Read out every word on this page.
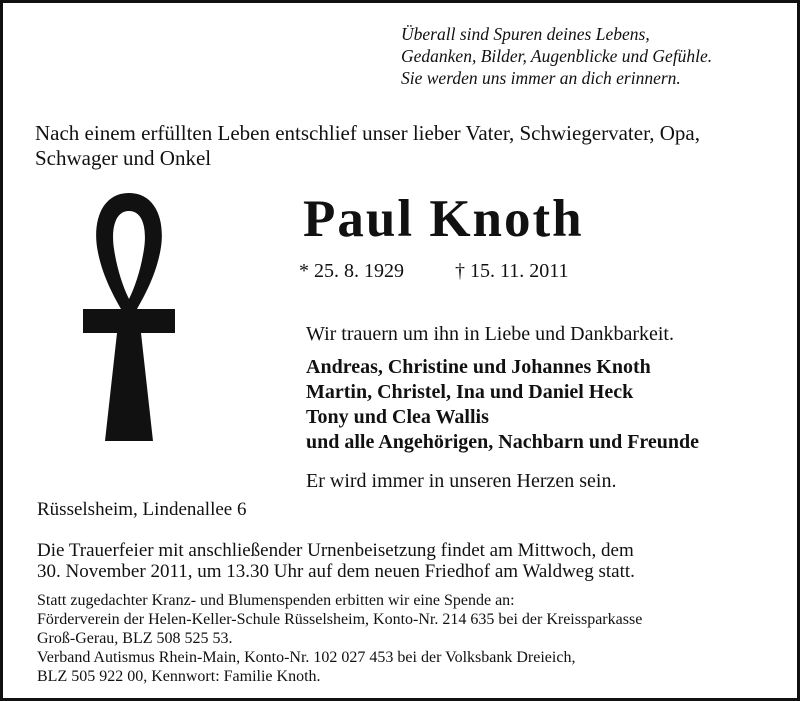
Überall sind Spuren deines Lebens,
Gedanken, Bilder, Augenblicke und Gefühle.
Sie werden uns immer an dich erinnern.
Nach einem erfüllten Leben entschlief unser lieber Vater, Schwiegervater, Opa,
Schwager und Onkel
Paul Knoth
* 25. 8. 1929	† 15. 11. 2011
Wir trauern um ihn in Liebe und Dankbarkeit.
Andreas, Christine und Johannes Knoth
Martin, Christel, Ina und Daniel Heck
Tony und Clea Wallis
und alle Angehörigen, Nachbarn und Freunde
Er wird immer in unseren Herzen sein.
Rüsselsheim, Lindenallee 6
Die Trauerfeier mit anschließender Urnenbeisetzung findet am Mittwoch, dem
30. November 2011, um 13.30 Uhr auf dem neuen Friedhof am Waldweg statt.
Statt zugedachter Kranz- und Blumenspenden erbitten wir eine Spende an:
Förderverein der Helen-Keller-Schule Rüsselsheim, Konto-Nr. 214 635 bei der Kreissparkasse
Groß-Gerau, BLZ 508 525 53.
Verband Autismus Rhein-Main, Konto-Nr. 102 027 453 bei der Volksbank Dreieich,
BLZ 505 922 00, Kennwort: Familie Knoth.
